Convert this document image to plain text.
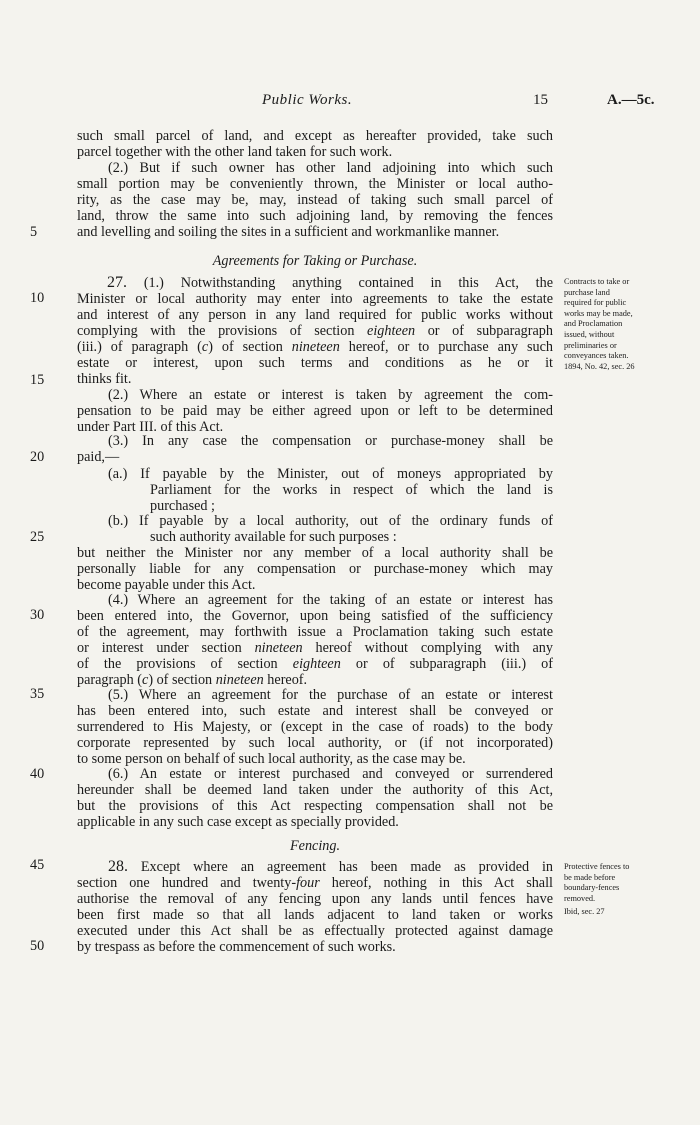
Public Works.	15	A.—5c.
5
10
15
20
25
30
35
40
45
50
such small parcel of land, and except as hereafter provided, take such
parcel together with the other land taken for such work.
(2.) But if such owner has other land adjoining into which such
small portion may be conveniently thrown, the Minister or local autho-
rity, as the case may be, may, instead of taking such small parcel of
land, throw the same into such adjoining land, by removing the fences
and levelling and soiling the sites in a sufficient and workmanlike manner.
Agreements for Taking or Purchase.
27. (1.) Notwithstanding anything contained in this Act, the
Minister or local authority may enter into agreements to take the estate
and interest of any person in any land required for public works without
complying with the provisions of section eighteen or of subparagraph
(iii.) of paragraph (c) of section nineteen hereof, or to purchase any such
estate or interest, upon such terms and conditions as he or it
thinks fit.
(2.) Where an estate or interest is taken by agreement the com-
pensation to be paid may be either agreed upon or left to be determined
under Part III. of this Act.
(3.) In any case the compensation or purchase-money shall be
paid,—
(a.) If payable by the Minister, out of moneys appropriated by
Parliament for the works in respect of which the land is
purchased ;
(b.) If payable by a local authority, out of the ordinary funds of
such authority available for such purposes :
but neither the Minister nor any member of a local authority shall be
personally liable for any compensation or purchase-money which may
become payable under this Act.
(4.) Where an agreement for the taking of an estate or interest has
been entered into, the Governor, upon being satisfied of the sufficiency
of the agreement, may forthwith issue a Proclamation taking such estate
or interest under section nineteen hereof without complying with any
of the provisions of section eighteen or of subparagraph (iii.) of
paragraph (c) of section nineteen hereof.
(5.) Where an agreement for the purchase of an estate or interest
has been entered into, such estate and interest shall be conveyed or
surrendered to His Majesty, or (except in the case of roads) to the body
corporate represented by such local authority, or (if not incorporated)
to some person on behalf of such local authority, as the case may be.
(6.) An estate or interest purchased and conveyed or surrendered
hereunder shall be deemed land taken under the authority of this Act,
but the provisions of this Act respecting compensation shall not be
applicable in any such case except as specially provided.
Fencing.
28. Except where an agreement has been made as provided in
section one hundred and twenty-four hereof, nothing in this Act shall
authorise the removal of any fencing upon any lands until fences have
been first made so that all lands adjacent to land taken or works
executed under this Act shall be as effectually protected against damage
by trespass as before the commencement of such works.
Contracts to take or
purchase land
required for public
works may be made,
and Proclamation
issued, without
preliminaries or
conveyances taken.
1894, No. 42, sec. 26
Protective fences to
be made before
boundary-fences
removed.
Ibid, sec. 27
